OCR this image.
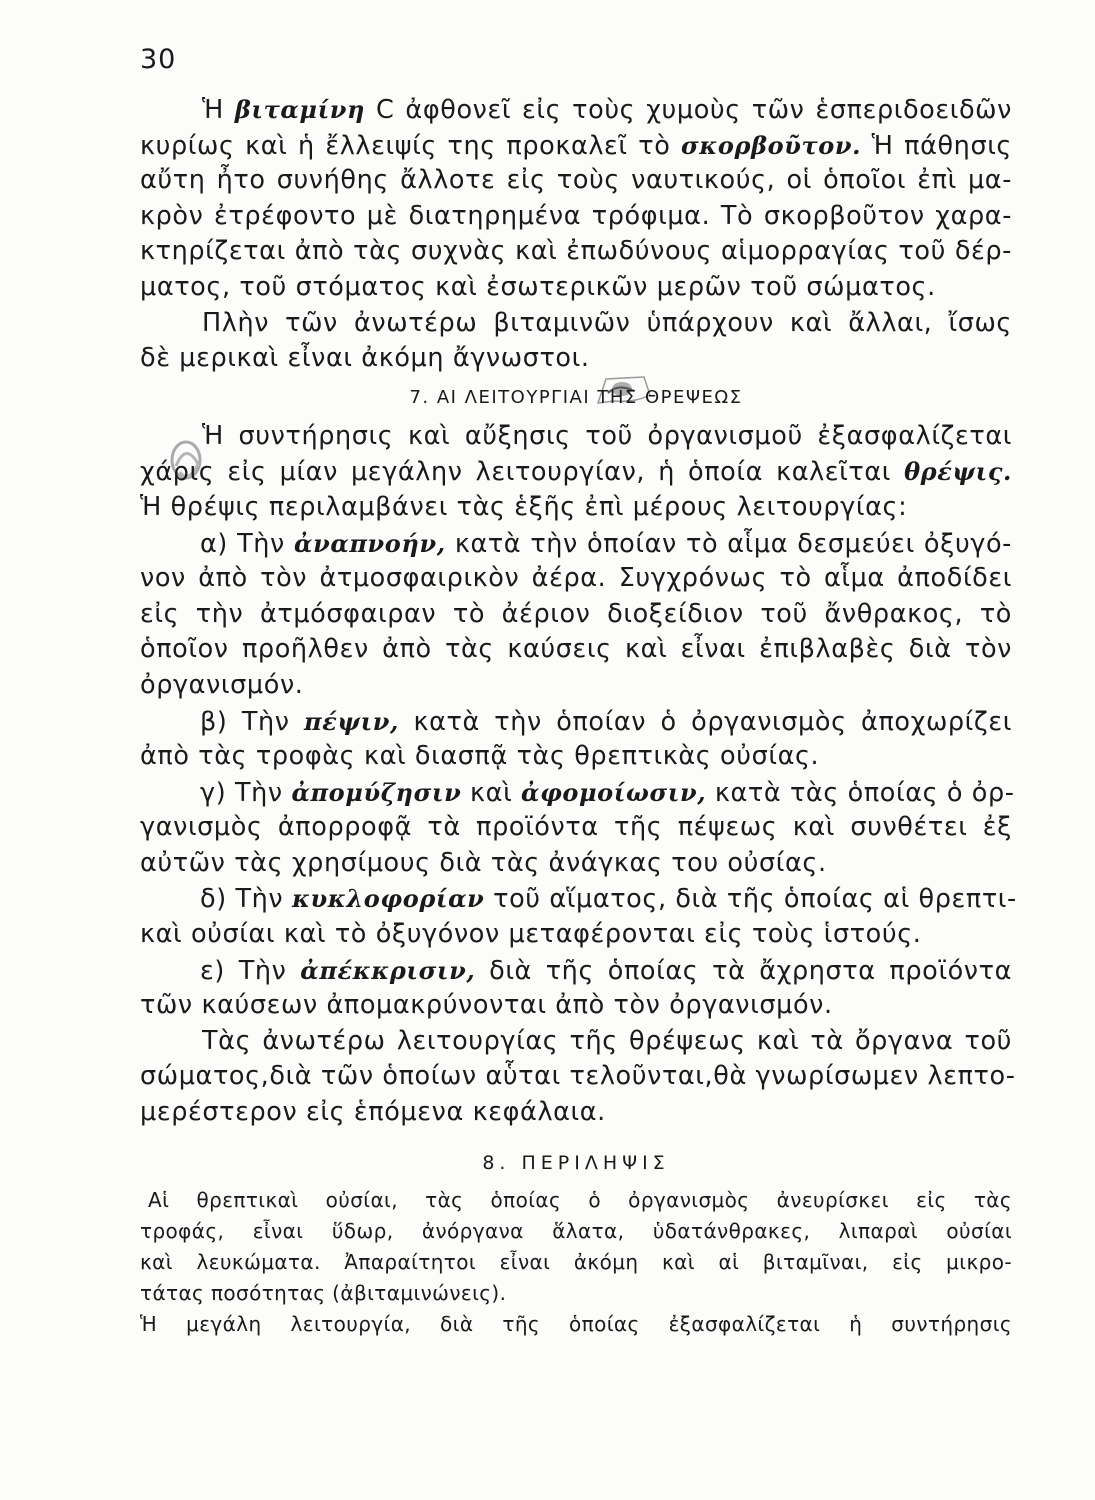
30
Ἡ βιταμίνη C ἀφθονεῖ εἰς τοὺς χυμοὺς τῶν ἑσπεριδοειδῶν
κυρίως καὶ ἡ ἔλλειψίς της προκαλεῖ τὸ σκορβοῦτον. Ἡ πάθησις
αὔτη ἦτο συνήθης ἄλλοτε εἰς τοὺς ναυτικούς, οἱ ὁποῖοι ἐπὶ μα-
κρὸν ἐτρέφοντο μὲ διατηρημένα τρόφιμα. Τὸ σκορβοῦτον χαρα-
κτηρίζεται ἀπὸ τὰς συχνὰς καὶ ἐπωδύνους αἱμορραγίας τοῦ δέρ-
ματος, τοῦ στόματος καὶ ἐσωτερικῶν μερῶν τοῦ σώματος.
Πλὴν τῶν ἀνωτέρω βιταμινῶν ὑπάρχουν καὶ ἄλλαι, ἴσως
δὲ μερικαὶ εἶναι ἀκόμη ἄγνωστοι.
7. ΑΙ ΛΕΙΤΟΥΡΓΙΑΙ ΤΗΣ ΘΡΕΨΕΩΣ
Ἡ συντήρησις καὶ αὔξησις τοῦ ὀργανισμοῦ ἐξασφαλίζεται
χάρις εἰς μίαν μεγάλην λειτουργίαν, ἡ ὁποία καλεῖται θρέψις.
Ἡ θρέψις περιλαμβάνει τὰς ἑξῆς ἐπὶ μέρους λειτουργίας:
α) Τὴν ἀναπνοήν, κατὰ τὴν ὁποίαν τὸ αἷμα δεσμεύει ὀξυγό-
νον ἀπὸ τὸν ἀτμοσφαιρικὸν ἀέρα. Συγχρόνως τὸ αἷμα ἀποδίδει
εἰς τὴν ἀτμόσφαιραν τὸ ἀέριον διοξείδιον τοῦ ἄνθρακος, τὸ
ὁποῖον προῆλθεν ἀπὸ τὰς καύσεις καὶ εἶναι ἐπιβλαβὲς διὰ τὸν
ὀργανισμόν.
β) Τὴν πέψιν, κατὰ τὴν ὁποίαν ὁ ὀργανισμὸς ἀποχωρίζει
ἀπὸ τὰς τροφὰς καὶ διασπᾷ τὰς θρεπτικὰς οὐσίας.
γ) Τὴν ἀπομύζησιν καὶ ἀφομοίωσιν, κατὰ τὰς ὁποίας ὁ ὀρ-
γανισμὸς ἀπορροφᾷ τὰ προϊόντα τῆς πέψεως καὶ συνθέτει ἐξ
αὐτῶν τὰς χρησίμους διὰ τὰς ἀνάγκας του οὐσίας.
δ) Τὴν κυκλοφορίαν τοῦ αἵματος, διὰ τῆς ὁποίας αἱ θρεπτι-
καὶ οὐσίαι καὶ τὸ ὀξυγόνον μεταφέρονται εἰς τοὺς ἱστούς.
ε) Τὴν ἀπέκκρισιν, διὰ τῆς ὁποίας τὰ ἄχρηστα προϊόντα
τῶν καύσεων ἀπομακρύνονται ἀπὸ τὸν ὀργανισμόν.
Τὰς ἀνωτέρω λειτουργίας τῆς θρέψεως καὶ τὰ ὄργανα τοῦ
σώματος,διὰ τῶν ὁποίων αὗται τελοῦνται,θὰ γνωρίσωμεν λεπτο-
μερέστερον εἰς ἑπόμενα κεφάλαια.
8. ΠΕΡΙΛΗΨΙΣ
Αἱ θρεπτικαὶ οὐσίαι, τὰς ὁποίας ὁ ὀργανισμὸς ἀνευρίσκει εἰς τὰς
τροφάς, εἶναι ὕδωρ, ἀνόργανα ἅλατα, ὑδατάνθρακες, λιπαραὶ οὐσίαι
καὶ λευκώματα. Ἀπαραίτητοι εἶναι ἀκόμη καὶ αἱ βιταμῖναι, εἰς μικρο-
τάτας ποσότητας (ἀβιταμινώνεις).
Ἡ μεγάλη λειτουργία, διὰ τῆς ὁποίας ἐξασφαλίζεται ἡ συντήρησις
